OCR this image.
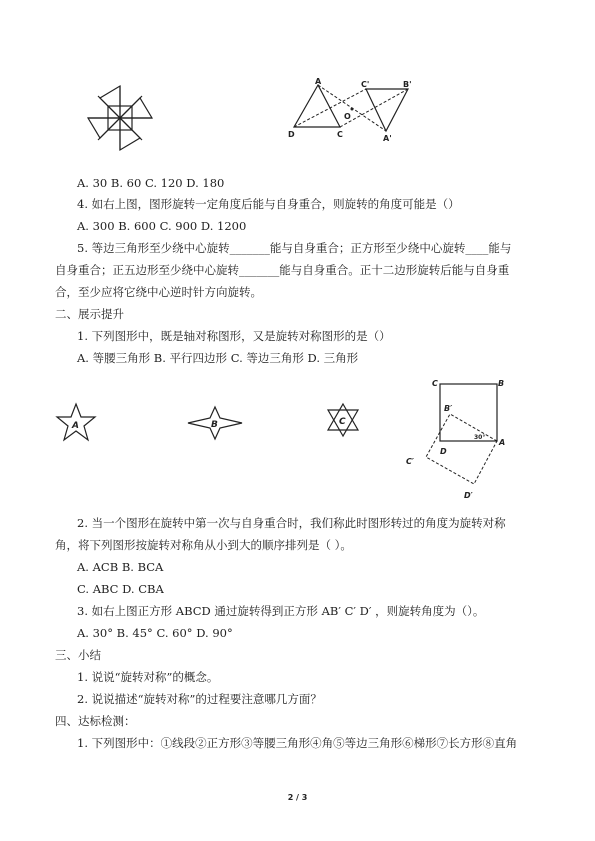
A	B'
C
C'
D
O
A'
A. 30 B. 60 C. 120 D. 180
4. 如右上图，图形旋转一定角度后能与自身重合，则旋转的角度可能是（）
A. 300 B. 600 C. 900 D. 1200
5. 等边三角形至少绕中心旋转_______能与自身重合；正方形至少绕中心旋转____能与
自身重合；正五边形至少绕中心旋转_______能与自身重合。正十二边形旋转后能与自身重
合，至少应将它绕中心逆时针方向旋转。
二、展示提升
1. 下列图形中，既是轴对称图形，又是旋转对称图形的是（）
A. 等腰三角形 B. 平行四边形 C. 等边三角形 D. 三角形
A	B	C
C	B
B′
D
A
C′
D′
30°
2. 当一个图形在旋转中第一次与自身重合时，我们称此时图形转过的角度为旋转对称
角，将下列图形按旋转对称角从小到大的顺序排列是（ ）。
A. ACB B. BCA
C. ABC D. CBA
3. 如右上图正方形 ABCD 通过旋转得到正方形 AB′ C′ D′ ，则旋转角度为（）。
A. 30° B. 45° C. 60° D. 90°
三、小结
1. 说说“旋转对称”的概念。
2. 说说描述“旋转对称”的过程要注意哪几方面？
四、达标检测：
1. 下列图形中：①线段②正方形③等腰三角形④角⑤等边三角形⑥梯形⑦长方形⑧直角
2 / 3
